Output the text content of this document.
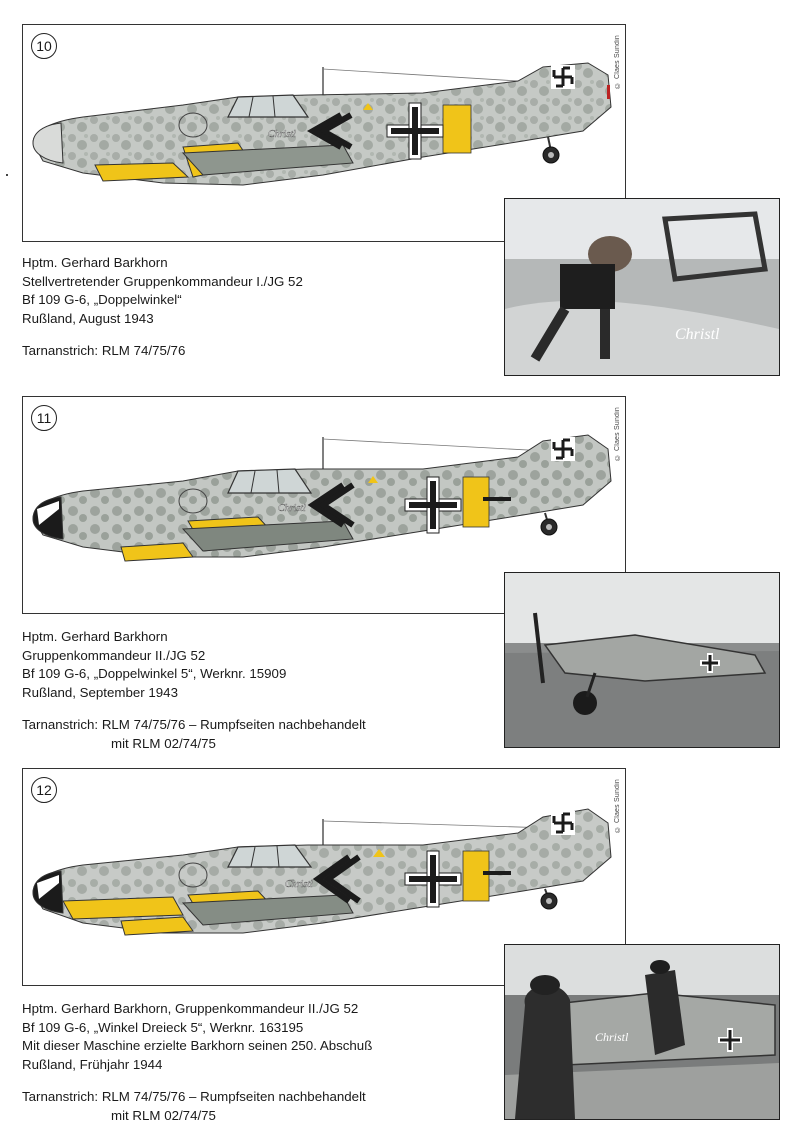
10	© Claes Sundin
Christl
Christl
Hptm. Gerhard Barkhorn
Stellvertretender Gruppenkommandeur I./JG 52
Bf 109 G-6, „Doppelwinkel“
Rußland, August 1943
Tarnanstrich: RLM 74/75/76
11	© Claes Sundin
Christl
Hptm. Gerhard Barkhorn
Gruppenkommandeur II./JG 52
Bf 109 G-6, „Doppelwinkel 5“, Werknr. 15909
Rußland, September 1943
Tarnanstrich: RLM 74/75/76 – Rumpfseiten nachbehandelt
mit RLM 02/74/75
12	© Claes Sundin
Christl
Christl
Hptm. Gerhard Barkhorn, Gruppenkommandeur II./JG 52
Bf 109 G-6, „Winkel Dreieck 5“, Werknr. 163195
Mit dieser Maschine erzielte Barkhorn seinen 250. Abschuß
Rußland, Frühjahr 1944
Tarnanstrich: RLM 74/75/76 – Rumpfseiten nachbehandelt
mit RLM 02/74/75
